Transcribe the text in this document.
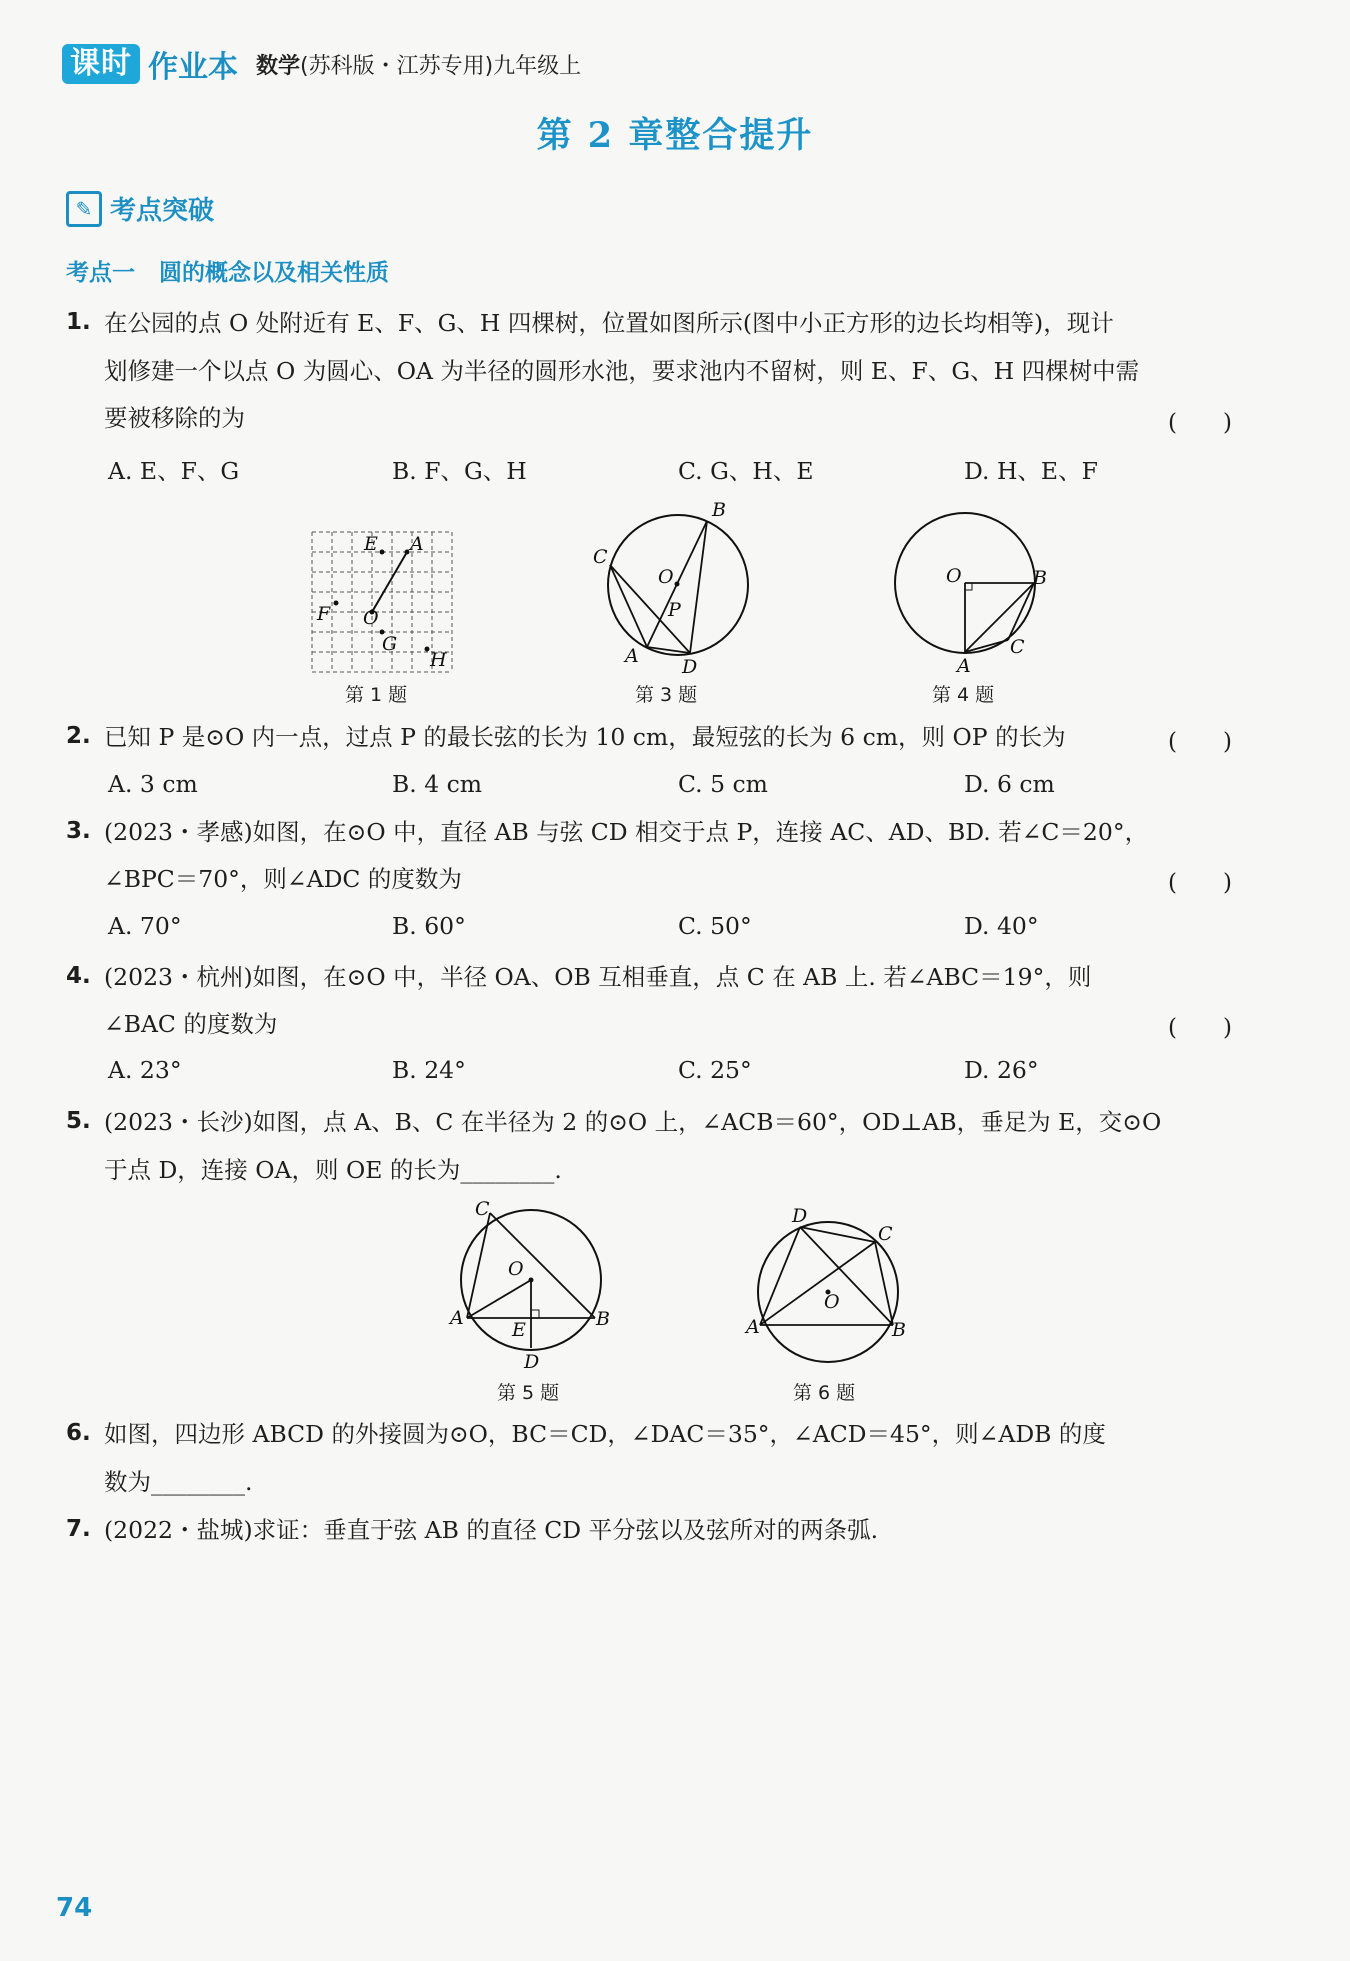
课时 作业本 数学(苏科版・江苏专用)九年级上
第 2 章整合提升
✎ 考点突破
考点一 圆的概念以及相关性质
1. 在公园的点 O 处附近有 E、F、G、H 四棵树，位置如图所示(图中小正方形的边长均相等)，现计
划修建一个以点 O 为圆心、OA 为半径的圆形水池，要求池内不留树，则 E、F、G、H 四棵树中需
要被移除的为	(　　)
A. E、F、G	B. F、G、H	C. G、H、E	D. H、E、F
E A
F O
G
H
B
C
O
P
A D
O	B
C
A
第 1 题	第 3 题	第 4 题
2. 已知 P 是⊙O 内一点，过点 P 的最长弦的长为 10 cm，最短弦的长为 6 cm，则 OP 的长为	(　　)
A. 3 cm	B. 4 cm	C. 5 cm	D. 6 cm
3. (2023・孝感)如图，在⊙O 中，直径 AB 与弦 CD 相交于点 P，连接 AC、AD、BD. 若∠C＝20°，
∠BPC＝70°，则∠ADC 的度数为	(　　)
A. 70°	B. 60°	C. 50°	D. 40°
4. (2023・杭州)如图，在⊙O 中，半径 OA、OB 互相垂直，点 C 在 AB 上. 若∠ABC＝19°，则
∠BAC 的度数为	(　　)
A. 23°	B. 24°	C. 25°	D. 26°
5. (2023・长沙)如图，点 A、B、C 在半径为 2 的⊙O 上，∠ACB＝60°，OD⊥AB，垂足为 E，交⊙O
于点 D，连接 OA，则 OE 的长为________.
C
O
A
E	B
D
D
C
O
A	B
第 5 题	第 6 题
6. 如图，四边形 ABCD 的外接圆为⊙O，BC＝CD，∠DAC＝35°，∠ACD＝45°，则∠ADB 的度
数为________.
7. (2022・盐城)求证：垂直于弦 AB 的直径 CD 平分弦以及弦所对的两条弧.
74
